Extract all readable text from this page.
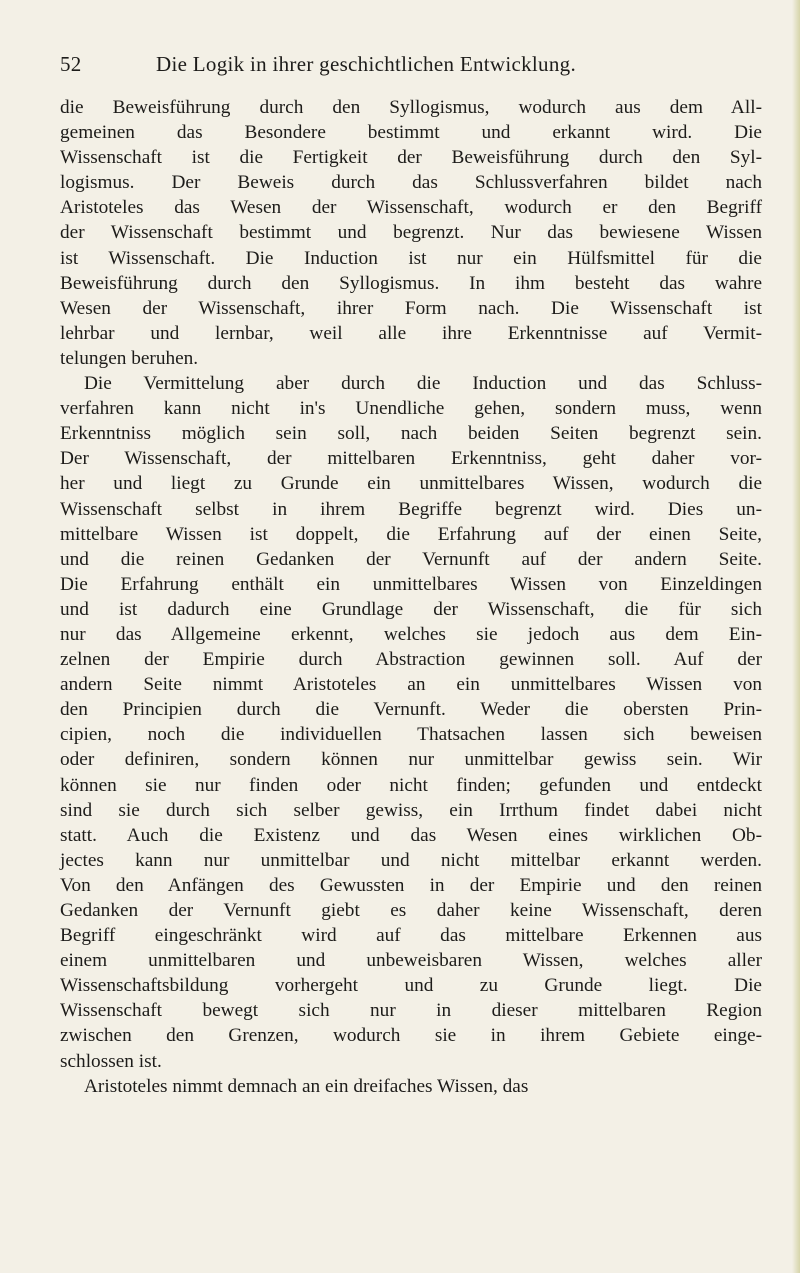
52	Die Logik in ihrer geschichtlichen Entwicklung.
die Beweisführung durch den Syllogismus, wodurch aus dem All-
gemeinen das Besondere bestimmt und erkannt wird. Die
Wissenschaft ist die Fertigkeit der Beweisführung durch den Syl-
logismus. Der Beweis durch das Schlussverfahren bildet nach
Aristoteles das Wesen der Wissenschaft, wodurch er den Begriff
der Wissenschaft bestimmt und begrenzt. Nur das bewiesene Wissen
ist Wissenschaft. Die Induction ist nur ein Hülfsmittel für die
Beweisführung durch den Syllogismus. In ihm besteht das wahre
Wesen der Wissenschaft, ihrer Form nach. Die Wissenschaft ist
lehrbar und lernbar, weil alle ihre Erkenntnisse auf Vermit-
telungen beruhen.
Die Vermittelung aber durch die Induction und das Schluss-
verfahren kann nicht in's Unendliche gehen, sondern muss, wenn
Erkenntniss möglich sein soll, nach beiden Seiten begrenzt sein.
Der Wissenschaft, der mittelbaren Erkenntniss, geht daher vor-
her und liegt zu Grunde ein unmittelbares Wissen, wodurch die
Wissenschaft selbst in ihrem Begriffe begrenzt wird. Dies un-
mittelbare Wissen ist doppelt, die Erfahrung auf der einen Seite,
und die reinen Gedanken der Vernunft auf der andern Seite.
Die Erfahrung enthält ein unmittelbares Wissen von Einzeldingen
und ist dadurch eine Grundlage der Wissenschaft, die für sich
nur das Allgemeine erkennt, welches sie jedoch aus dem Ein-
zelnen der Empirie durch Abstraction gewinnen soll. Auf der
andern Seite nimmt Aristoteles an ein unmittelbares Wissen von
den Principien durch die Vernunft. Weder die obersten Prin-
cipien, noch die individuellen Thatsachen lassen sich beweisen
oder definiren, sondern können nur unmittelbar gewiss sein. Wir
können sie nur finden oder nicht finden; gefunden und entdeckt
sind sie durch sich selber gewiss, ein Irrthum findet dabei nicht
statt. Auch die Existenz und das Wesen eines wirklichen Ob-
jectes kann nur unmittelbar und nicht mittelbar erkannt werden.
Von den Anfängen des Gewussten in der Empirie und den reinen
Gedanken der Vernunft giebt es daher keine Wissenschaft, deren
Begriff eingeschränkt wird auf das mittelbare Erkennen aus
einem unmittelbaren und unbeweisbaren Wissen, welches aller
Wissenschaftsbildung vorhergeht und zu Grunde liegt. Die
Wissenschaft bewegt sich nur in dieser mittelbaren Region
zwischen den Grenzen, wodurch sie in ihrem Gebiete einge-
schlossen ist.
Aristoteles nimmt demnach an ein dreifaches Wissen, das
